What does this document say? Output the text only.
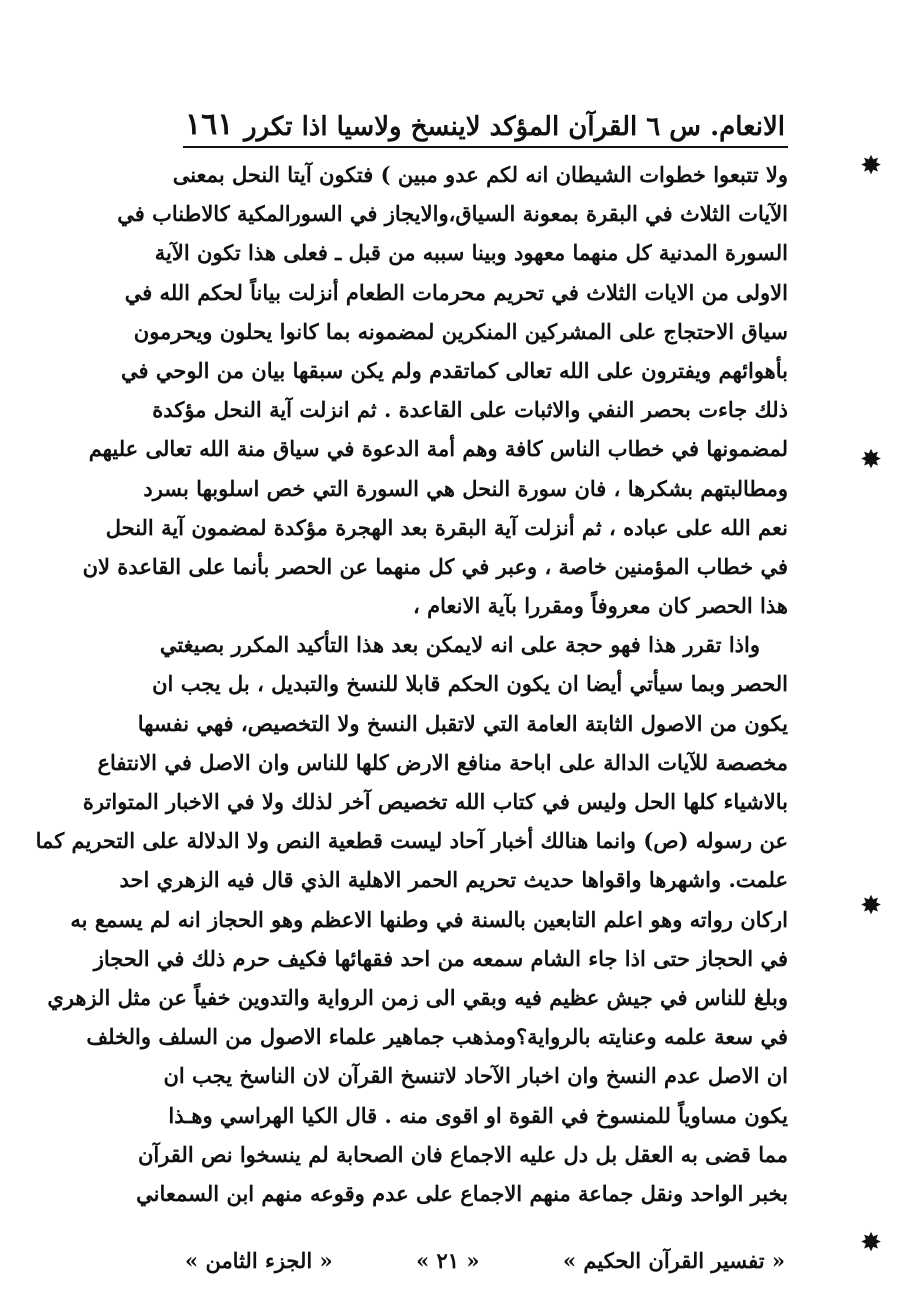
الانعام. س ٦ القرآن المؤكد لاينسخ ولاسيا اذا تكرر
١٦١
ولا تتبعوا خطوات الشيطان انه لكم عدو مبين ) فتكون آيتا النحل بمعنى
الآيات الثلاث في البقرة بمعونة السياق،والايجاز في السورالمكية كالاطناب في
السورة المدنية كل منهما معهود وبينا سببه من قبل ـ فعلى هذا تكون الآية
الاولى من الايات الثلاث في تحريم محرمات الطعام أنزلت بياناً لحكم الله في
سياق الاحتجاج على المشركين المنكرين لمضمونه بما كانوا يحلون ويحرمون
بأهوائهم ويفترون على الله تعالى كماتقدم ولم يكن سبقها بيان من الوحي في
ذلك جاءت بحصر النفي والاثبات على القاعدة . ثم انزلت آية النحل مؤكدة
لمضمونها في خطاب الناس كافة وهم أمة الدعوة في سياق منة الله تعالى عليهم
ومطالبتهم بشكرها ، فان سورة النحل هي السورة التي خص اسلوبها بسرد
نعم الله على عباده ، ثم أنزلت آية البقرة بعد الهجرة مؤكدة لمضمون آية النحل
في خطاب المؤمنين خاصة ، وعبر في كل منهما عن الحصر بأنما على القاعدة لان
هذا الحصر كان معروفاً ومقررا بآية الانعام ،
واذا تقرر هذا فهو حجة على انه لايمكن بعد هذا التأكيد المكرر بصيغتي
الحصر وبما سيأتي أيضا ان يكون الحكم قابلا للنسخ والتبديل ، بل يجب ان
يكون من الاصول الثابتة العامة التي لاتقبل النسخ ولا التخصيص، فهي نفسها
مخصصة للآيات الدالة على اباحة منافع الارض كلها للناس وان الاصل في الانتفاع
بالاشياء كلها الحل وليس في كتاب الله تخصيص آخر لذلك ولا في الاخبار المتواترة
عن رسوله (ص) وانما هنالك أخبار آحاد ليست قطعية النص ولا الدلالة على التحريم كما
علمت. واشهرها واقواها حديث تحريم الحمر الاهلية الذي قال فيه الزهري احد
اركان رواته وهو اعلم التابعين بالسنة في وطنها الاعظم وهو الحجاز انه لم يسمع به
في الحجاز حتى اذا جاء الشام سمعه من احد فقهائها فكيف حرم ذلك في الحجاز
وبلغ للناس في جيش عظيم فيه وبقي الى زمن الرواية والتدوين خفياً عن مثل الزهري
في سعة علمه وعنايته بالرواية؟ومذهب جماهير علماء الاصول من السلف والخلف
ان الاصل عدم النسخ وان اخبار الآحاد لاتنسخ القرآن لان الناسخ يجب ان
يكون مساوياً للمنسوخ في القوة او اقوى منه . قال الكيا الهراسي وهـذا
مما قضى به العقل بل دل عليه الاجماع فان الصحابة لم ينسخوا نص القرآن
بخبر الواحد ونقل جماعة منهم الاجماع على عدم وقوعه منهم ابن السمعاني
✸
✸
✸
✸
« تفسير القرآن الحكيم »
« ٢١ »
« الجزء الثامن »
